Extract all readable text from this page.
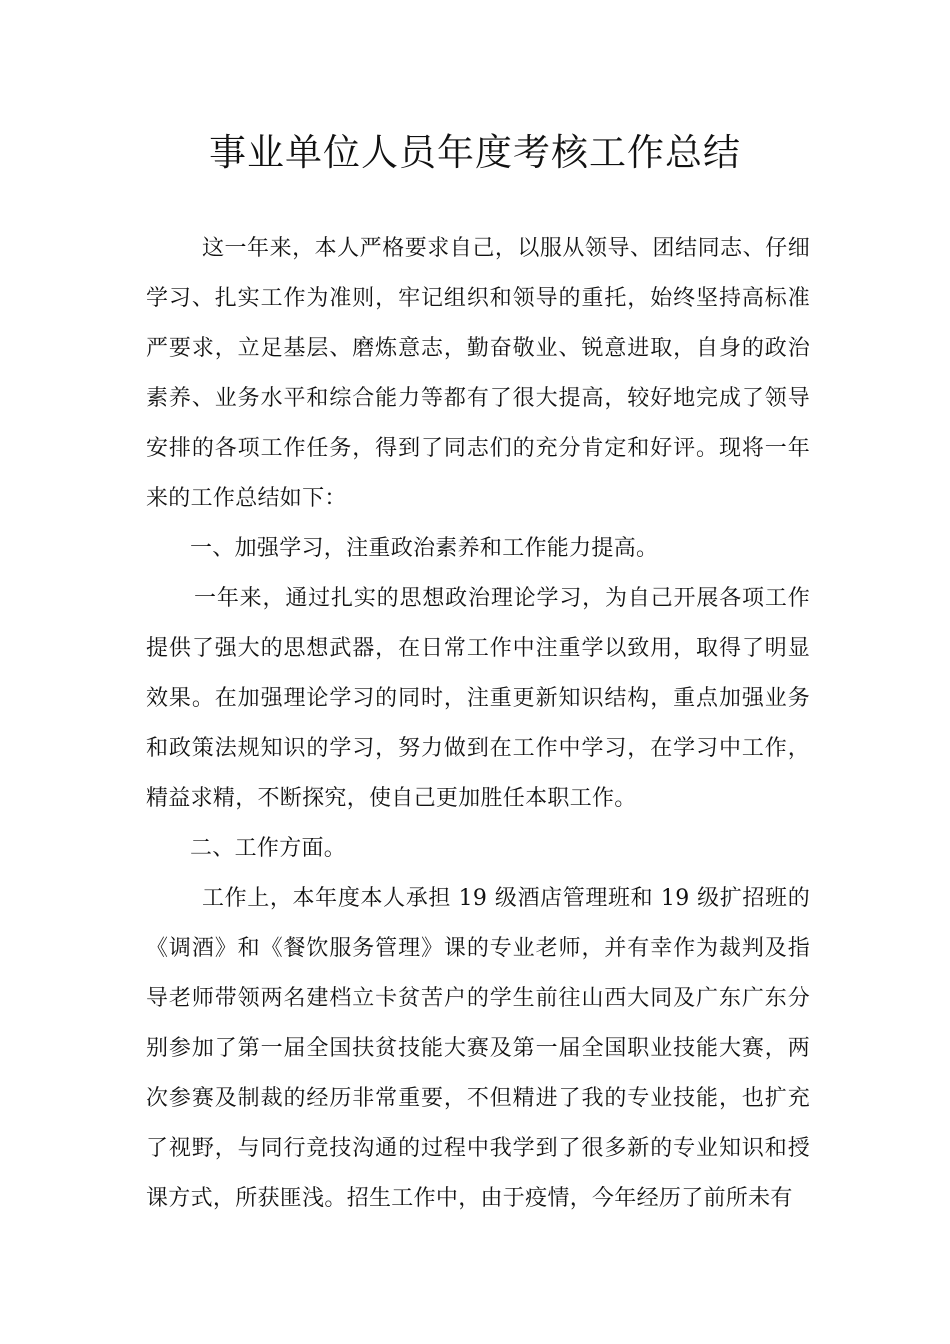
事业单位人员年度考核工作总结

这一年来，本人严格要求自己，以服从领导、团结同志、仔细学习、扎实工作为准则，牢记组织和领导的重托，始终坚持高标准严要求，立足基层、磨炼意志，勤奋敬业、锐意进取，自身的政治素养、业务水平和综合能力等都有了很大提高，较好地完成了领导安排的各项工作任务，得到了同志们的充分肯定和好评。现将一年来的工作总结如下：

一、加强学习，注重政治素养和工作能力提高。

一年来，通过扎实的思想政治理论学习，为自己开展各项工作提供了强大的思想武器，在日常工作中注重学以致用，取得了明显效果。在加强理论学习的同时，注重更新知识结构，重点加强业务和政策法规知识的学习，努力做到在工作中学习，在学习中工作，精益求精，不断探究，使自己更加胜任本职工作。

二、工作方面。

工作上，本年度本人承担 19 级酒店管理班和 19 级扩招班的《调酒》和《餐饮服务管理》课的专业老师，并有幸作为裁判及指导老师带领两名建档立卡贫苦户的学生前往山西大同及广东广东分别参加了第一届全国扶贫技能大赛及第一届全国职业技能大赛，两次参赛及制裁的经历非常重要，不但精进了我的专业技能，也扩充了视野，与同行竞技沟通的过程中我学到了很多新的专业知识和授课方式，所获匪浅。招生工作中，由于疫情，今年经历了前所未有
